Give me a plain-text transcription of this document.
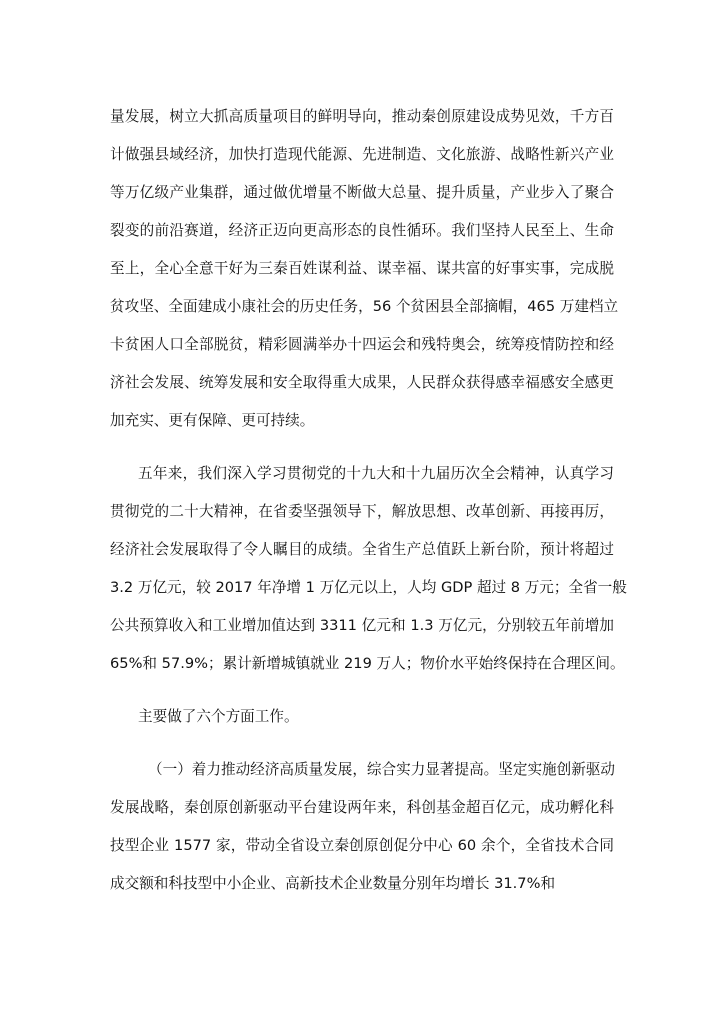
量发展，树立大抓高质量项目的鲜明导向，推动秦创原建设成势见效，千方百
计做强县域经济，加快打造现代能源、先进制造、文化旅游、战略性新兴产业
等万亿级产业集群，通过做优增量不断做大总量、提升质量，产业步入了聚合
裂变的前沿赛道，经济正迈向更高形态的良性循环。我们坚持人民至上、生命
至上，全心全意干好为三秦百姓谋利益、谋幸福、谋共富的好事实事，完成脱
贫攻坚、全面建成小康社会的历史任务，56 个贫困县全部摘帽，465 万建档立
卡贫困人口全部脱贫，精彩圆满举办十四运会和残特奥会，统筹疫情防控和经
济社会发展、统筹发展和安全取得重大成果，人民群众获得感幸福感安全感更
加充实、更有保障、更可持续。
五年来，我们深入学习贯彻党的十九大和十九届历次全会精神，认真学习
贯彻党的二十大精神，在省委坚强领导下，解放思想、改革创新、再接再厉，
经济社会发展取得了令人瞩目的成绩。全省生产总值跃上新台阶，预计将超过
3.2 万亿元，较 2017 年净增 1 万亿元以上，人均 GDP 超过 8 万元；全省一般
公共预算收入和工业增加值达到 3311 亿元和 1.3 万亿元，分别较五年前增加
65%和 57.9%；累计新增城镇就业 219 万人；物价水平始终保持在合理区间。
主要做了六个方面工作。
（一）着力推动经济高质量发展，综合实力显著提高。坚定实施创新驱动
发展战略，秦创原创新驱动平台建设两年来，科创基金超百亿元，成功孵化科
技型企业 1577 家，带动全省设立秦创原创促分中心 60 余个，全省技术合同
成交额和科技型中小企业、高新技术企业数量分别年均增长 31.7%和
